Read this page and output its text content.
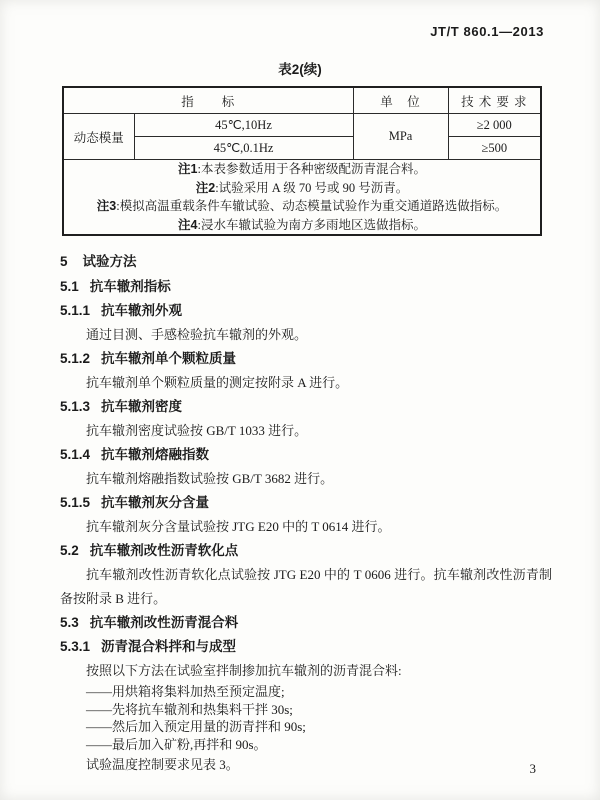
JT/T 860.1—2013
表2(续)
指　　标		单　位	技 术 要 求
动态模量	45℃,10Hz	MPa	≥2 000
	45℃,0.1Hz		≥500

注1:本表参数适用于各种密级配沥青混合料。
注2:试验采用 A 级 70 号或 90 号沥青。
注3:模拟高温重载条件车辙试验、动态模量试验作为重交通道路选做指标。
注4:浸水车辙试验为南方多雨地区选做指标。			
5 试验方法
5.1 抗车辙剂指标
5.1.1 抗车辙剂外观

通过目测、手感检验抗车辙剂的外观。

5.1.2 抗车辙剂单个颗粒质量

抗车辙剂单个颗粒质量的测定按附录 A 进行。

5.1.3 抗车辙剂密度

抗车辙剂密度试验按 GB/T 1033 进行。

5.1.4 抗车辙剂熔融指数

抗车辙剂熔融指数试验按 GB/T 3682 进行。

5.1.5 抗车辙剂灰分含量

抗车辙剂灰分含量试验按 JTG E20 中的 T 0614 进行。

5.2 抗车辙剂改性沥青软化点

抗车辙剂改性沥青软化点试验按 JTG E20 中的 T 0606 进行。抗车辙剂改性沥青制备按附录 B 进行。

5.3 抗车辙剂改性沥青混合料
5.3.1 沥青混合料拌和与成型

按照以下方法在试验室拌制掺加抗车辙剂的沥青混合料:

——用烘箱将集料加热至预定温度;

——先将抗车辙剂和热集料干拌 30s;

——然后加入预定用量的沥青拌和 90s;

——最后加入矿粉,再拌和 90s。

试验温度控制要求见表 3。	3
